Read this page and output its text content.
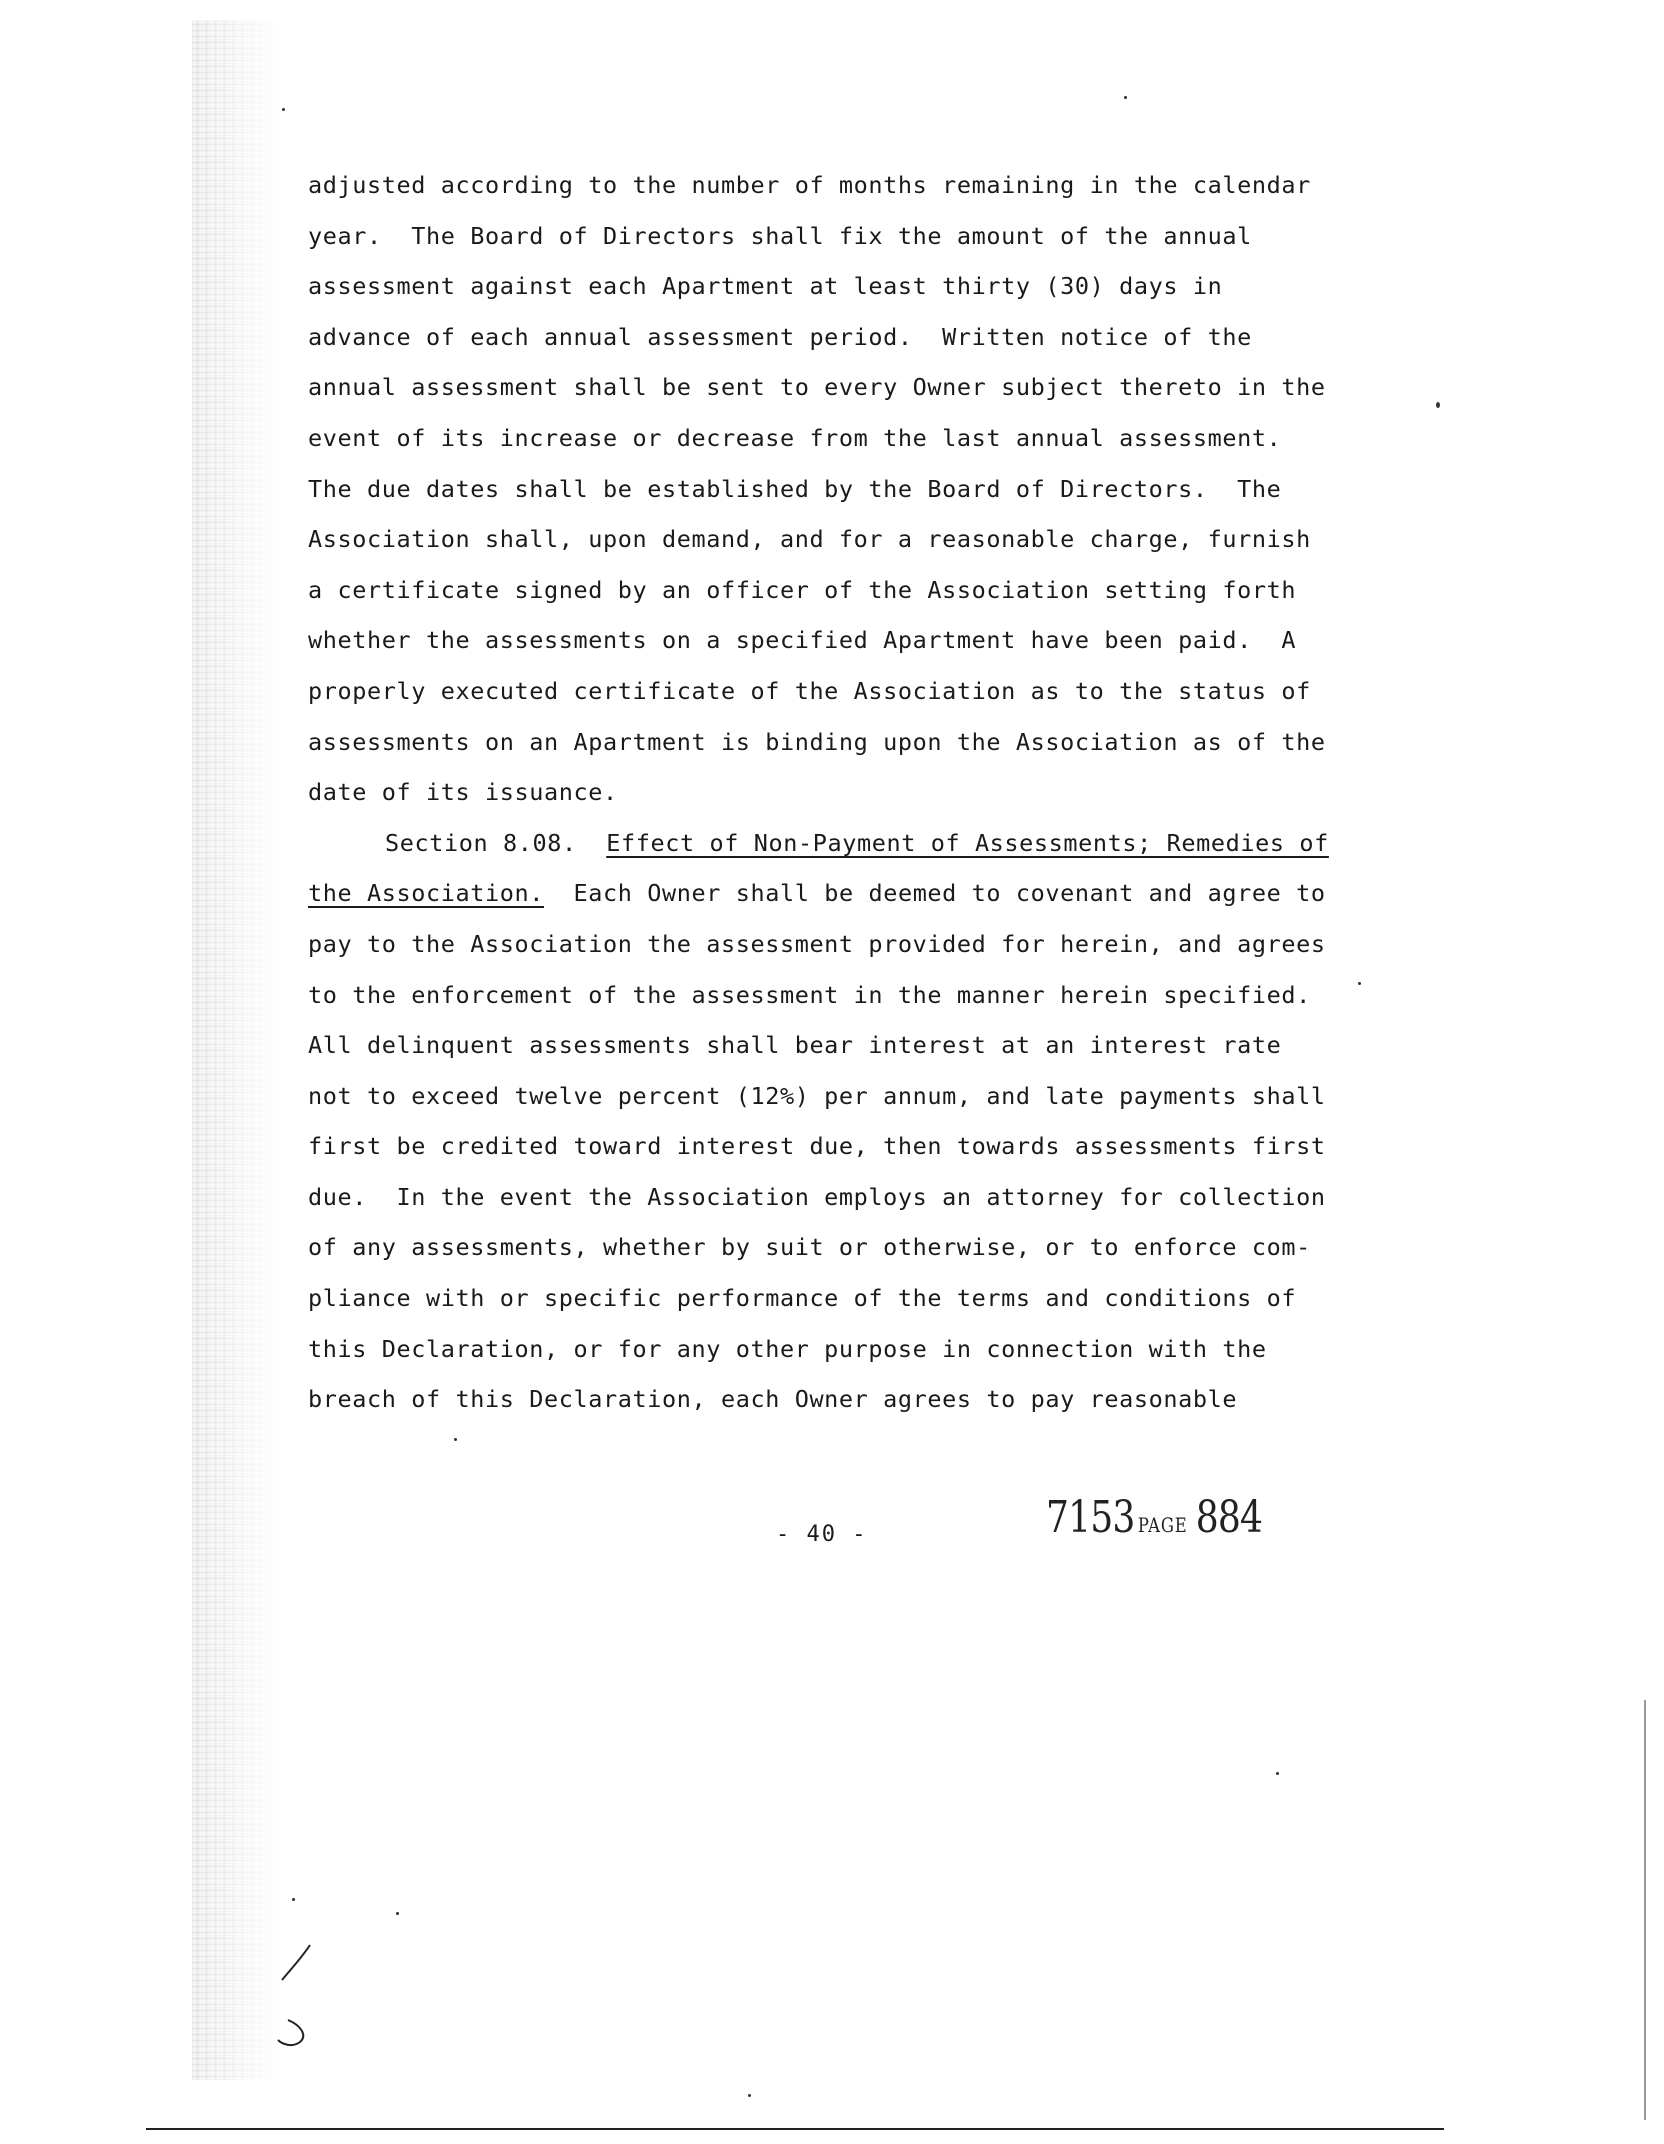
adjusted according to the number of months remaining in the calendar
year.  The Board of Directors shall fix the amount of the annual
assessment against each Apartment at least thirty (30) days in
advance of each annual assessment period.  Written notice of the
annual assessment shall be sent to every Owner subject thereto in the
event of its increase or decrease from the last annual assessment.
The due dates shall be established by the Board of Directors.  The
Association shall, upon demand, and for a reasonable charge, furnish
a certificate signed by an officer of the Association setting forth
whether the assessments on a specified Apartment have been paid.  A
properly executed certificate of the Association as to the status of
assessments on an Apartment is binding upon the Association as of the
date of its issuance.
Section 8.08. Effect of Non-Payment of Assessments; Remedies of
the Association.  Each Owner shall be deemed to covenant and agree to
pay to the Association the assessment provided for herein, and agrees
to the enforcement of the assessment in the manner herein specified.
All delinquent assessments shall bear interest at an interest rate
not to exceed twelve percent (12%) per annum, and late payments shall
first be credited toward interest due, then towards assessments first
due.  In the event the Association employs an attorney for collection
of any assessments, whether by suit or otherwise, or to enforce com-
pliance with or specific performance of the terms and conditions of
this Declaration, or for any other purpose in connection with the
breach of this Declaration, each Owner agrees to pay reasonable
- 40 -	7153 PAGE 884
